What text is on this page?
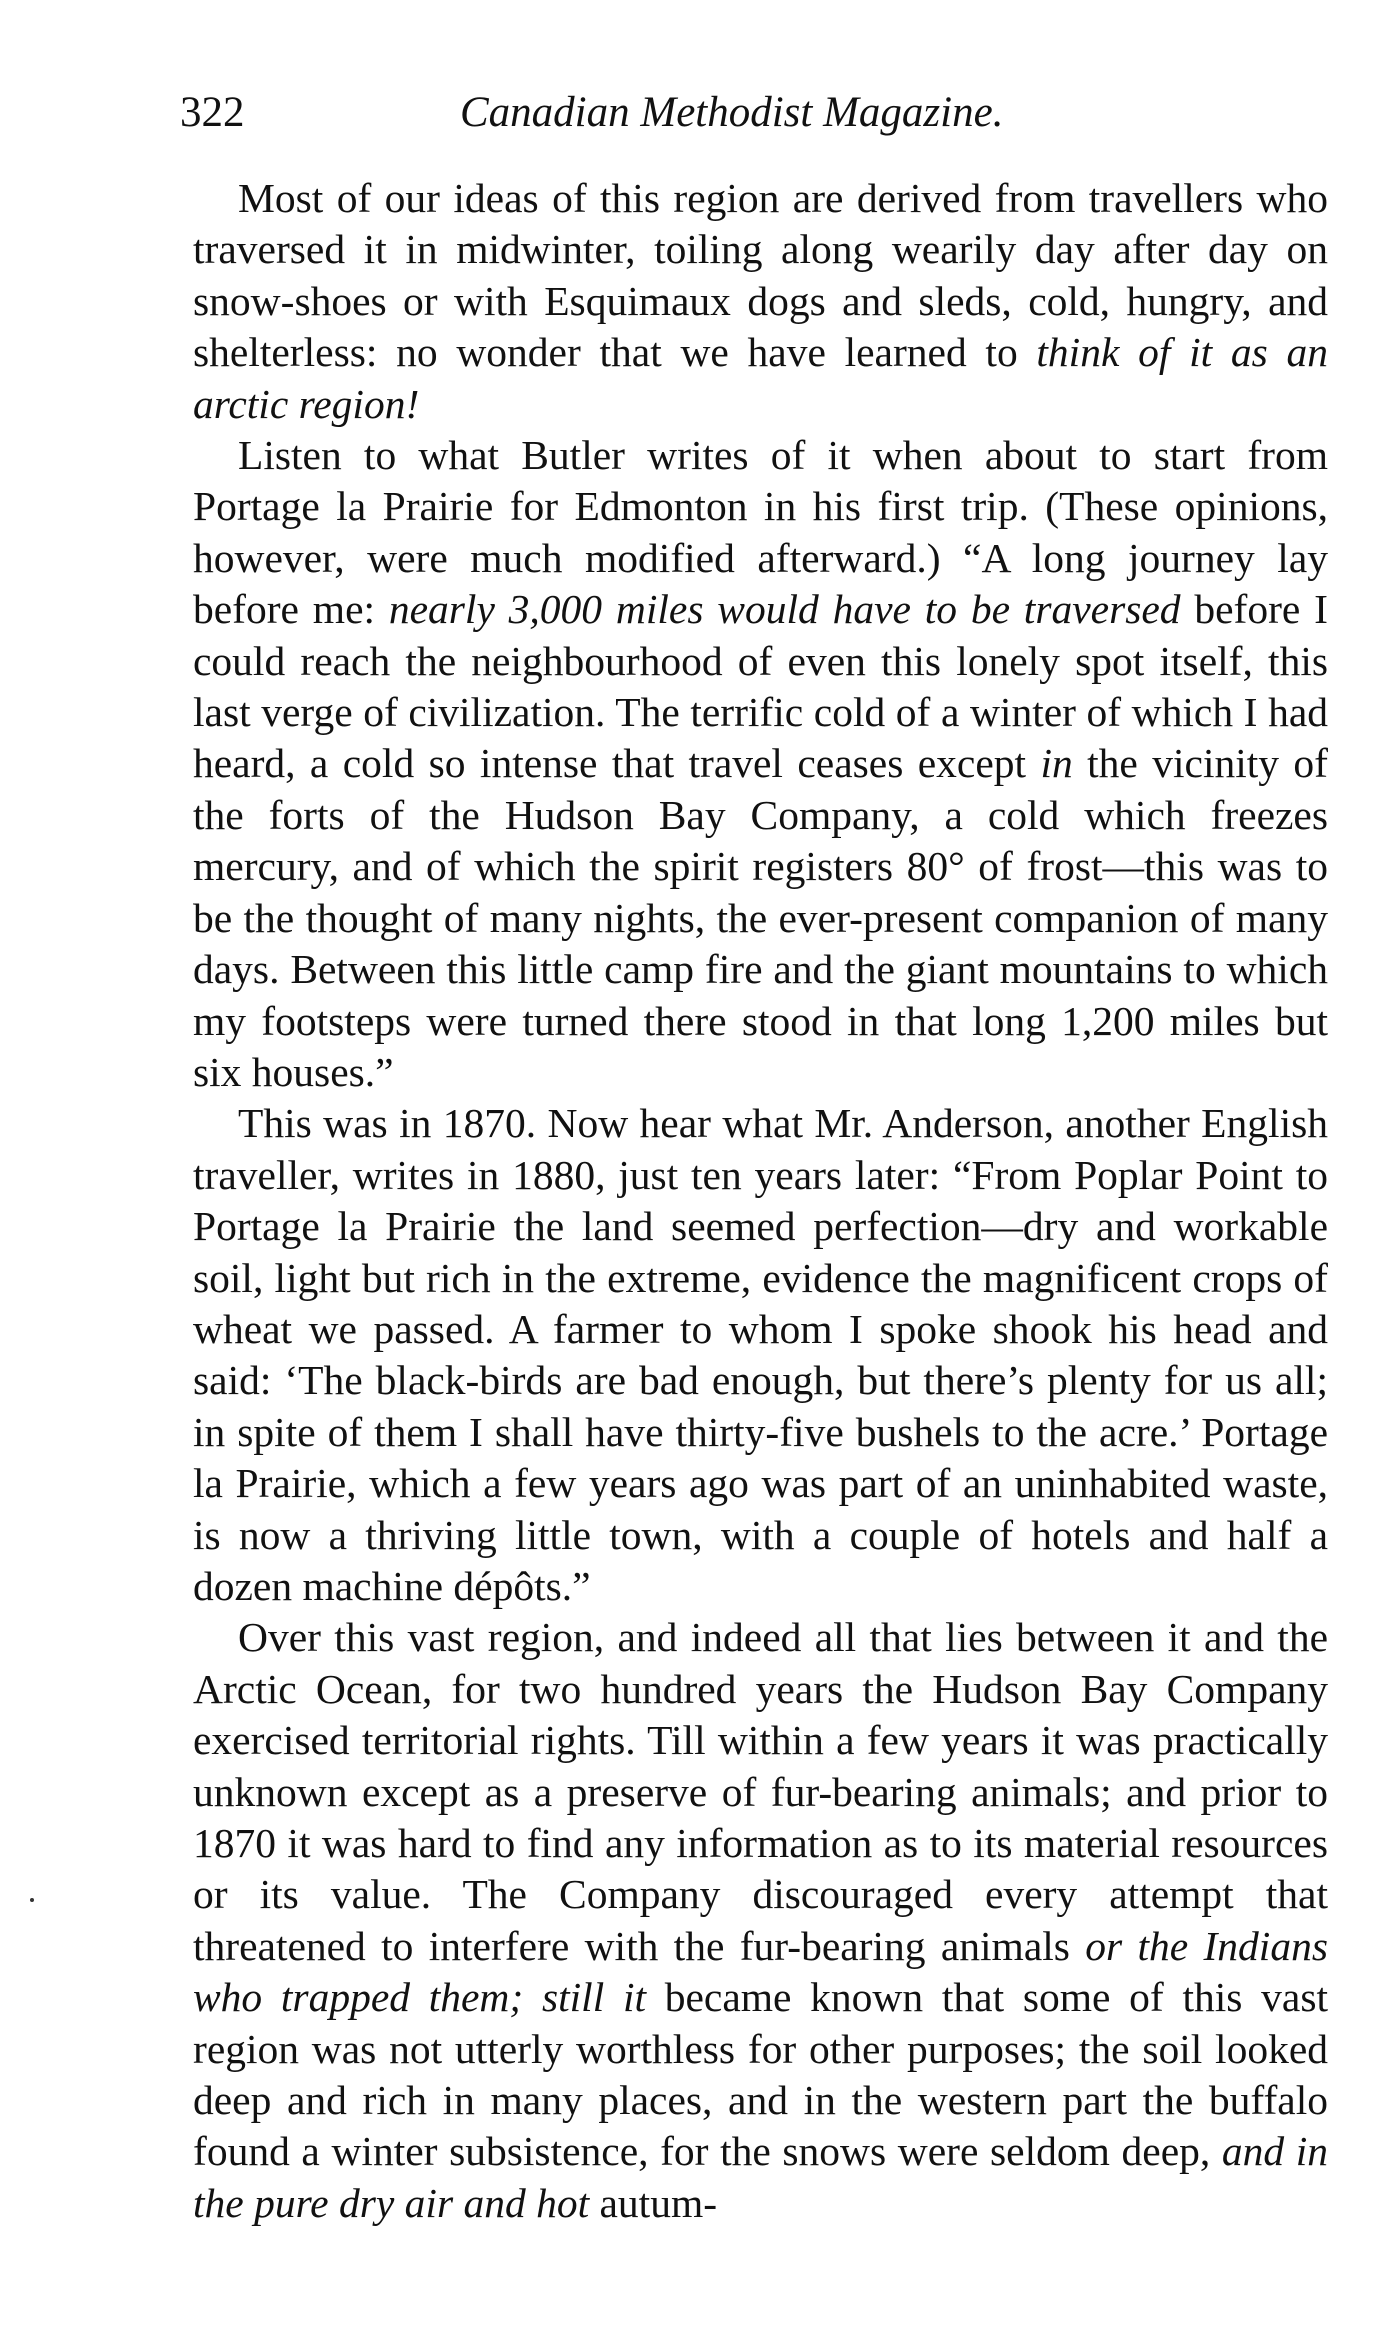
322	Canadian Methodist Magazine.

Most of our ideas of this region are derived from travellers who traversed it in midwinter, toiling along wearily day after day on snow-shoes or with Esquimaux dogs and sleds, cold, hungry, and shelterless: no wonder that we have learned to think of it as an arctic region!

Listen to what Butler writes of it when about to start from Portage la Prairie for Edmonton in his first trip. (These opinions, however, were much modified afterward.) “A long journey lay before me: nearly 3,000 miles would have to be traversed before I could reach the neighbourhood of even this lonely spot itself, this last verge of civilization. The terrific cold of a winter of which I had heard, a cold so intense that travel ceases except in the vicinity of the forts of the Hudson Bay Company, a cold which freezes mercury, and of which the spirit registers 80° of frost—this was to be the thought of many nights, the ever-present companion of many days. Between this little camp fire and the giant mountains to which my footsteps were turned there stood in that long 1,200 miles but six houses.”

This was in 1870. Now hear what Mr. Anderson, another English traveller, writes in 1880, just ten years later: “From Poplar Point to Portage la Prairie the land seemed perfection—dry and workable soil, light but rich in the extreme, evidence the magnificent crops of wheat we passed. A farmer to whom I spoke shook his head and said: ‘The black-birds are bad enough, but there’s plenty for us all; in spite of them I shall have thirty-five bushels to the acre.’ Portage la Prairie, which a few years ago was part of an uninhabited waste, is now a thriving little town, with a couple of hotels and half a dozen machine dépôts.”

Over this vast region, and indeed all that lies between it and the Arctic Ocean, for two hundred years the Hudson Bay Company exercised territorial rights. Till within a few years it was practically unknown except as a preserve of fur-bearing animals; and prior to 1870 it was hard to find any information as to its material resources or its value. The Company discouraged every attempt that threatened to interfere with the fur-bearing animals or the Indians who trapped them; still it became known that some of this vast region was not utterly worthless for other purposes; the soil looked deep and rich in many places, and in the western part the buffalo found a winter subsistence, for the snows were seldom deep, and in the pure dry air and hot autum-
